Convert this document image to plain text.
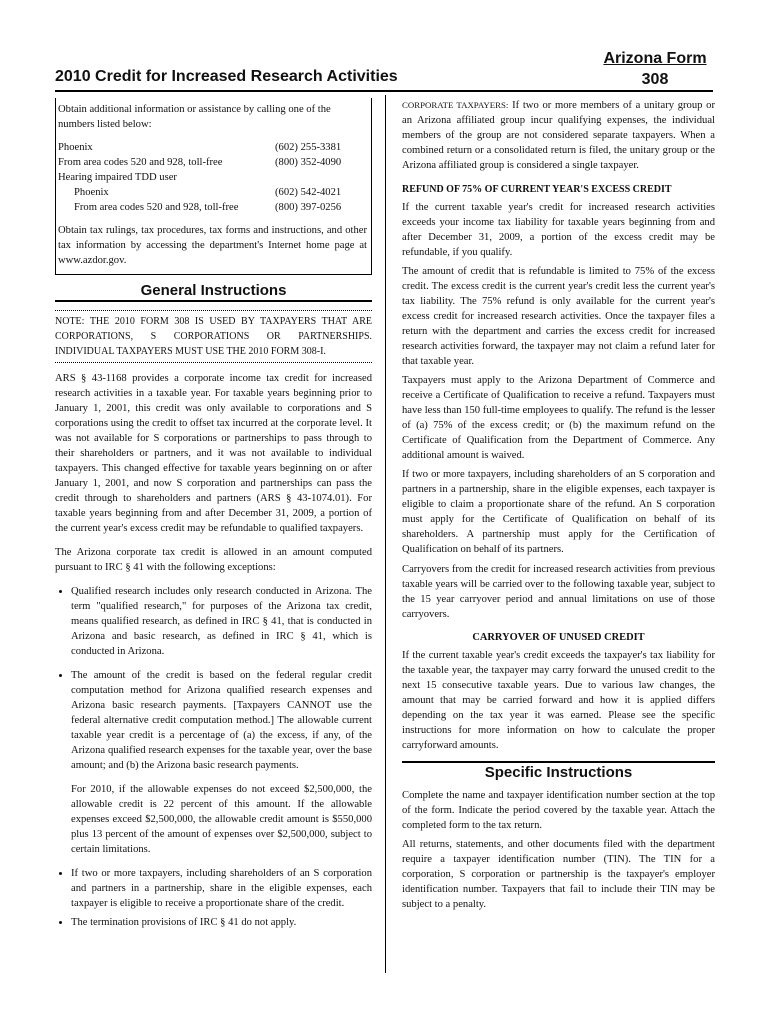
2010 Credit for Increased Research Activities
Arizona Form
308

Obtain additional information or assistance by calling one of the numbers listed below:

Phoenix	(602) 255-3381
From area codes 520 and 928, toll-free	(800) 352-4090
Hearing impaired TDD user
Phoenix	(602) 542-4021
From area codes 520 and 928, toll-free	(800) 397-0256

Obtain tax rulings, tax procedures, tax forms and instructions, and other tax information by accessing the department's Internet home page at www.azdor.gov.

General Instructions
NOTE: THE 2010 FORM 308 IS USED BY TAXPAYERS THAT ARE CORPORATIONS, S CORPORATIONS OR PARTNERSHIPS. INDIVIDUAL TAXPAYERS MUST USE THE 2010 FORM 308-I.

ARS § 43-1168 provides a corporate income tax credit for increased research activities in a taxable year. For taxable years beginning prior to January 1, 2001, this credit was only available to corporations and S corporations using the credit to offset tax incurred at the corporate level. It was not available for S corporations or partnerships to pass through to their shareholders or partners, and it was not available to individual taxpayers. This changed effective for taxable years beginning on or after January 1, 2001, and now S corporation and partnerships can pass the credit through to shareholders and partners (ARS § 43-1074.01). For taxable years beginning from and after December 31, 2009, a portion of the current year's excess credit may be refundable to qualified taxpayers.

The Arizona corporate tax credit is allowed in an amount computed pursuant to IRC § 41 with the following exceptions:

• Qualified research includes only research conducted in Arizona. The term "qualified research," for purposes of the Arizona tax credit, means qualified research, as defined in IRC § 41, that is conducted in Arizona and basic research, as defined in IRC § 41, which is conducted in Arizona.

• The amount of the credit is based on the federal regular credit computation method for Arizona qualified research expenses and Arizona basic research payments. [Taxpayers CANNOT use the federal alternative credit computation method.] The allowable current taxable year credit is a percentage of (a) the excess, if any, of the Arizona qualified research expenses for the taxable year, over the base amount; and (b) the Arizona basic research payments.

For 2010, if the allowable expenses do not exceed $2,500,000, the allowable credit is 22 percent of this amount. If the allowable expenses exceed $2,500,000, the allowable credit amount is $550,000 plus 13 percent of the amount of expenses over $2,500,000, subject to certain limitations.

• If two or more taxpayers, including shareholders of an S corporation and partners in a partnership, share in the eligible expenses, each taxpayer is eligible to receive a proportionate share of the credit.
• The termination provisions of IRC § 41 do not apply.

CORPORATE TAXPAYERS: If two or more members of a unitary group or an Arizona affiliated group incur qualifying expenses, the individual members of the group are not considered separate taxpayers. When a combined return or a consolidated return is filed, the unitary group or the Arizona affiliated group is considered a single taxpayer.

REFUND OF 75% OF CURRENT YEAR'S EXCESS CREDIT

If the current taxable year's credit for increased research activities exceeds your income tax liability for taxable years beginning from and after December 31, 2009, a portion of the excess credit may be refundable, if you qualify.

The amount of credit that is refundable is limited to 75% of the excess credit. The excess credit is the current year's credit less the current year's tax liability. The 75% refund is only available for the current year's excess credit for increased research activities. Once the taxpayer files a return with the department and carries the excess credit for increased research activities forward, the taxpayer may not claim a refund later for that taxable year.

Taxpayers must apply to the Arizona Department of Commerce and receive a Certificate of Qualification to receive a refund. Taxpayers must have less than 150 full-time employees to qualify. The refund is the lesser of (a) 75% of the excess credit; or (b) the maximum refund on the Certificate of Qualification from the Department of Commerce. Any additional amount is waived.

If two or more taxpayers, including shareholders of an S corporation and partners in a partnership, share in the eligible expenses, each taxpayer is eligible to claim a proportionate share of the refund. An S corporation must apply for the Certificate of Qualification on behalf of its shareholders. A partnership must apply for the Certification of Qualification on behalf of its partners.

Carryovers from the credit for increased research activities from previous taxable years will be carried over to the following taxable year, subject to the 15 year carryover period and annual limitations on use of those carryovers.

CARRYOVER OF UNUSED CREDIT

If the current taxable year's credit exceeds the taxpayer's tax liability for the taxable year, the taxpayer may carry forward the unused credit to the next 15 consecutive taxable years. Due to various law changes, the amount that may be carried forward and how it is applied differs depending on the tax year it was earned. Please see the specific instructions for more information on how to calculate the proper carryforward amounts.

Specific Instructions

Complete the name and taxpayer identification number section at the top of the form. Indicate the period covered by the taxable year. Attach the completed form to the tax return.

All returns, statements, and other documents filed with the department require a taxpayer identification number (TIN). The TIN for a corporation, S corporation or partnership is the taxpayer's employer identification number. Taxpayers that fail to include their TIN may be subject to a penalty.
